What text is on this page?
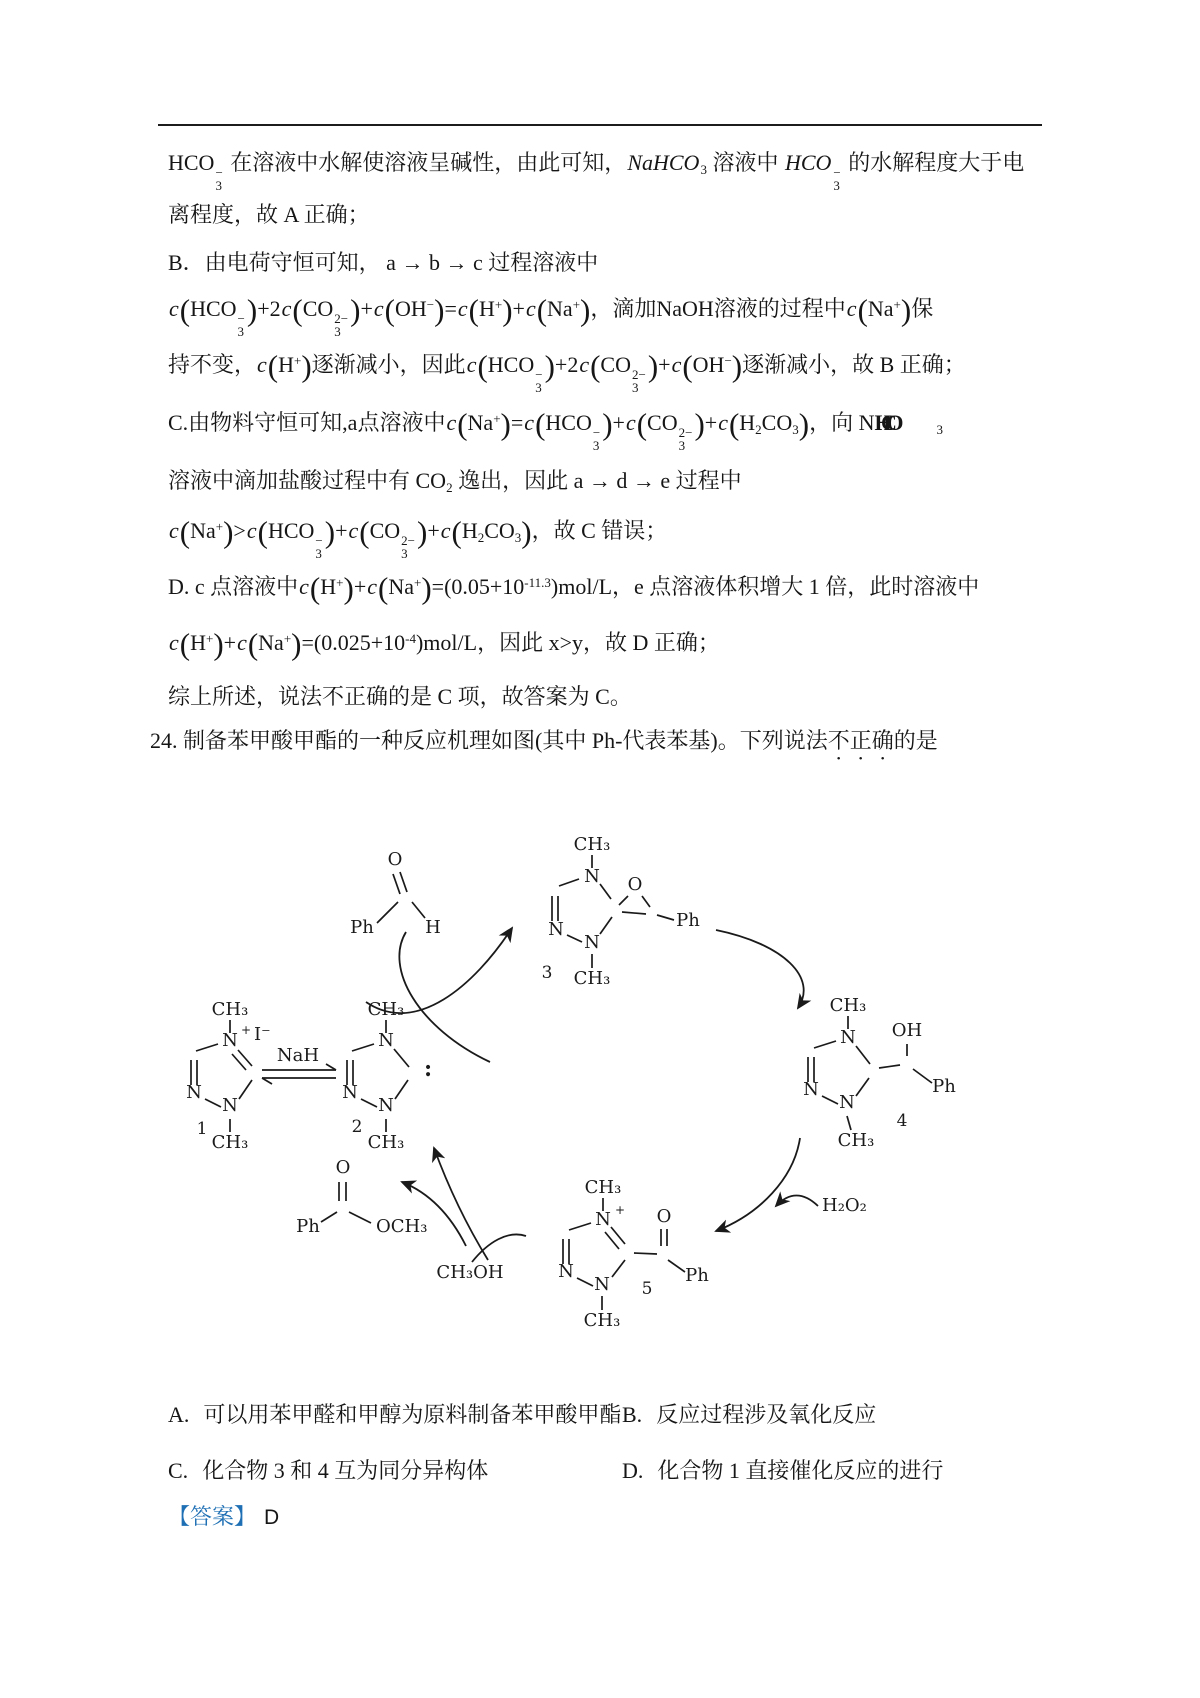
HCO −
3
在溶液中水解使溶液呈碱性，由此可知，NaHCO$_3$ 溶液中 HCO −
3
的水解程度大于电
离程度，故 A 正确；
B．由电荷守恒可知， a → b → c 过程溶液中
c(HCO −
3
)+2c(CO 2−
3
)+c(OH−)=c(H+)+c(Na+)，滴加NaOH溶液的过程中c(Na+)保
持不变，c(H+)逐渐减小，因此c(HCO −
3
)+2c(CO 2−
3
)+c(OH−)逐渐减小，故 B 正确；
C.由物料守恒可知,a点溶液中c(Na+)=c(HCO −
3
)+c(CO 2−
3
)$+c(H_2CO_3)$，向 NHCO  	$_3$
溶液中滴加盐酸过程中有 $CO_2$ 逸出，因此 a → d → e 过程中
c(Na+)>c(HCO −
3
)+c(CO 2−
3
)$+c(H_2CO_3)$，故 C 错误；
D. c 点溶液中$c(H^+)+c(Na^+)=(0.05+10^{-11.3})mol/L$，e 点溶液体积增大 1 倍，此时溶液中
$c(H^+)+c(Na^+)=(0.025+10^{-4})mol/L$，因此 x>y，故 D 正确；
综上所述，说法不正确的是 C 项，故答案为 C。
24. 制备苯甲酸甲酯的一种反应机理如图(其中 Ph-代表苯基)。下列说法不正确的是
Ph
O
H
N
N
N
CH₃
O
Ph
CH₃
3
N
N
N
CH₃
OH
Ph
CH₃
4
H₂O₂
N +
N
N
CH₃
O
Ph
CH₃
5
N
N
N
CH₃
CH₃
:
2
N + I⁻
N
N
CH₃
CH₃
1
NaH
O
Ph	OCH₃
CH₃OH
A. 可以用苯甲醛和甲醇为原料制备苯甲酸甲酯 B. 反应过程涉及氧化反应
C. 化合物 3 和 4 互为同分异构体	D. 化合物 1 直接催化反应的进行
【答案】 D
